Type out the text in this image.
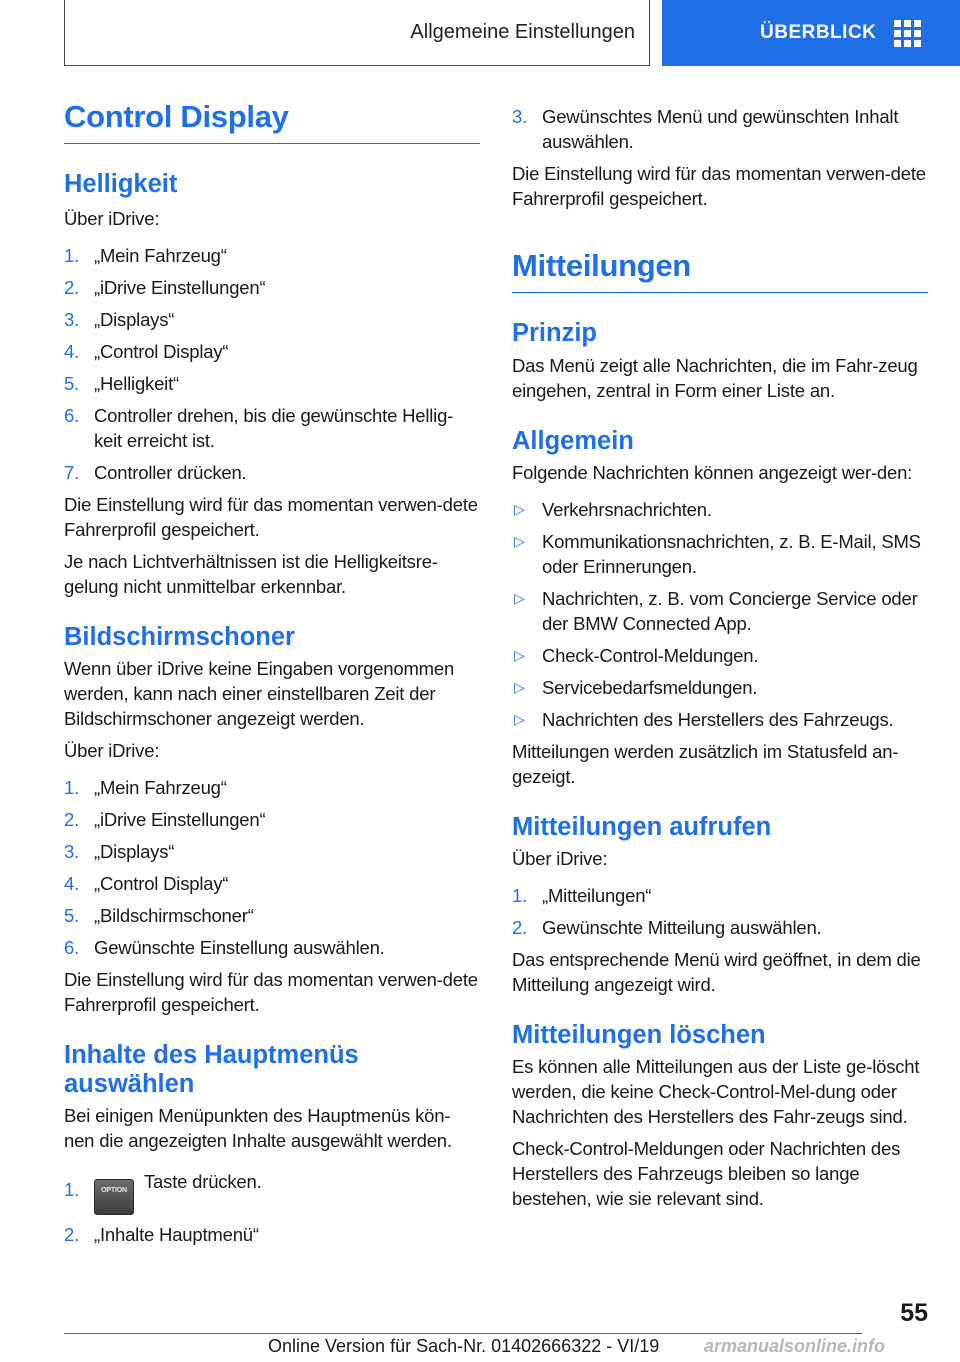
Allgemeine Einstellungen	ÜBERBLICK
Control Display
Helligkeit

Über iDrive:

1. „Mein Fahrzeug“
2. „iDrive Einstellungen“
3. „Displays“
4. „Control Display“
5. „Helligkeit“
6. Controller drehen, bis die gewünschte Hellig-keit erreicht ist.
7. Controller drücken.

Die Einstellung wird für das momentan verwen-dete Fahrerprofil gespeichert.

Je nach Lichtverhältnissen ist die Helligkeitsre-gelung nicht unmittelbar erkennbar.

Bildschirmschoner

Wenn über iDrive keine Eingaben vorgenommen werden, kann nach einer einstellbaren Zeit der Bildschirmschoner angezeigt werden.

Über iDrive:

1. „Mein Fahrzeug“
2. „iDrive Einstellungen“
3. „Displays“
4. „Control Display“
5. „Bildschirmschoner“
6. Gewünschte Einstellung auswählen.

Die Einstellung wird für das momentan verwen-dete Fahrerprofil gespeichert.

Inhalte des Hauptmenüs auswählen

Bei einigen Menüpunkten des Hauptmenüs kön-nen die angezeigten Inhalte ausgewählt werden.

1.	OPTION Taste drücken.
2. „Inhalte Hauptmenü“
3. Gewünschtes Menü und gewünschten Inhalt auswählen.

Die Einstellung wird für das momentan verwen-dete Fahrerprofil gespeichert.

Mitteilungen
Prinzip

Das Menü zeigt alle Nachrichten, die im Fahr-zeug eingehen, zentral in Form einer Liste an.

Allgemein

Folgende Nachrichten können angezeigt wer-den:

▷ Verkehrsnachrichten.
▷ Kommunikationsnachrichten, z. B. E-Mail, SMS oder Erinnerungen.
▷ Nachrichten, z. B. vom Concierge Service oder der BMW Connected App.
▷ Check-Control-Meldungen.
▷ Servicebedarfsmeldungen.
▷ Nachrichten des Herstellers des Fahrzeugs.

Mitteilungen werden zusätzlich im Statusfeld an-gezeigt.

Mitteilungen aufrufen

Über iDrive:

1. „Mitteilungen“
2. Gewünschte Mitteilung auswählen.

Das entsprechende Menü wird geöffnet, in dem die Mitteilung angezeigt wird.

Mitteilungen löschen

Es können alle Mitteilungen aus der Liste ge-löscht werden, die keine Check-Control-Mel-dung oder Nachrichten des Herstellers des Fahr-zeugs sind.

Check-Control-Meldungen oder Nachrichten des Herstellers des Fahrzeugs bleiben so lange bestehen, wie sie relevant sind.

55
Online Version für Sach-Nr. 01402666322 - VI/19 armanualsonline.info
